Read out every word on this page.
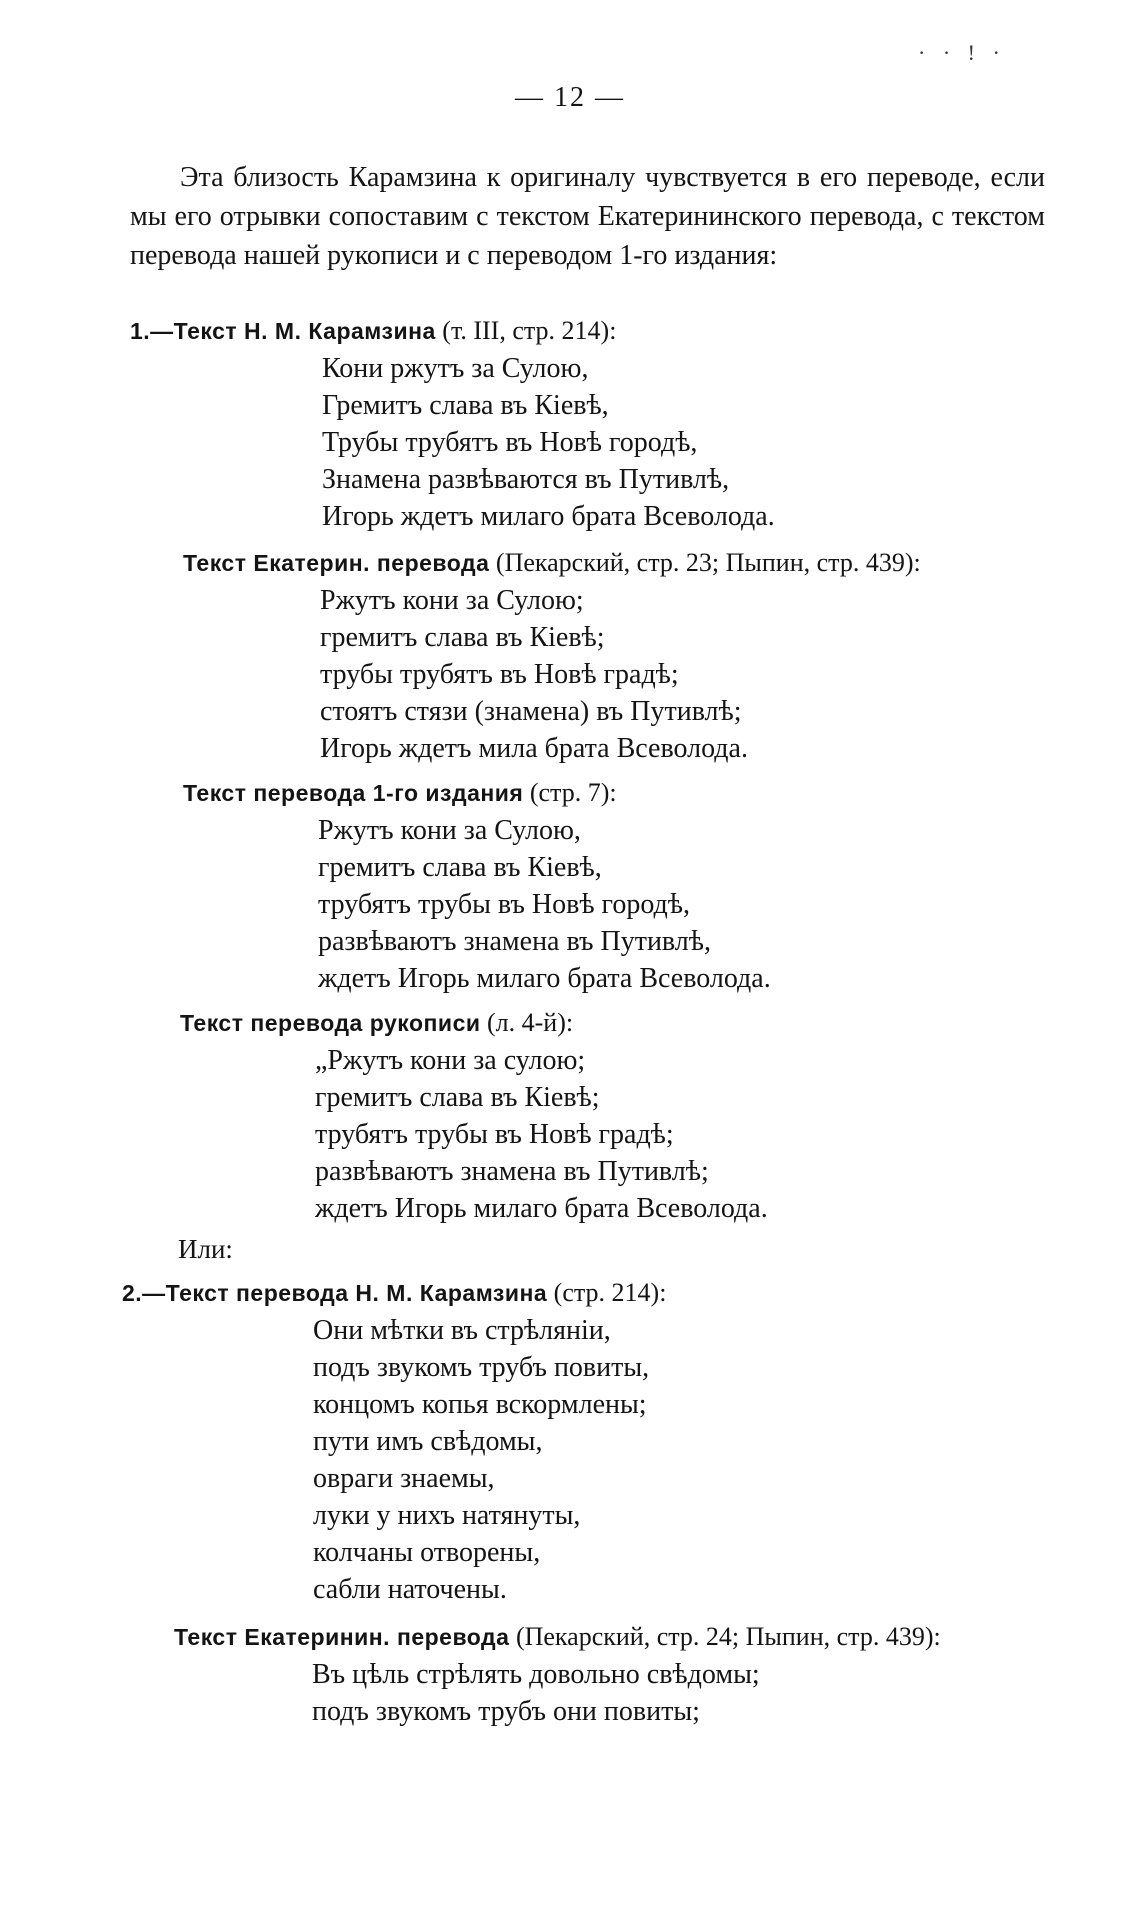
— 12 —
· · ! ·
Эта близость Карамзина к оригиналу чувствуется в его переводе, если мы его отрывки сопоставим с текстом Екатерининского перевода, с текстом перевода нашей рукописи и с переводом 1-го издания:
1.—Текст Н. М. Карамзина (т. III, стр. 214):
Кони ржутъ за Сулою,
Гремитъ слава въ Кіевѣ,
Трубы трубятъ въ Новѣ городѣ,
Знамена развѣваются въ Путивлѣ,
Игорь ждетъ милаго брата Всеволода.
Текст Екатерин. перевода (Пекарский, стр. 23; Пыпин, стр. 439):
Ржутъ кони за Сулою;
гремитъ слава въ Кіевѣ;
трубы трубятъ въ Новѣ градѣ;
стоятъ стязи (знамена) въ Путивлѣ;
Игорь ждетъ мила брата Всеволода.
Текст перевода 1-го издания (стр. 7):
Ржутъ кони за Сулою,
гремитъ слава въ Кіевѣ,
трубятъ трубы въ Новѣ городѣ,
развѣваютъ знамена въ Путивлѣ,
ждетъ Игорь милаго брата Всеволода.
Текст перевода рукописи (л. 4-й):
„Ржутъ кони за сулою;
гремитъ слава въ Кіевѣ;
трубятъ трубы въ Новѣ градѣ;
развѣваютъ знамена въ Путивлѣ;
ждетъ Игорь милаго брата Всеволода.
Или:
2.—Текст перевода Н. М. Карамзина (стр. 214):
Они мѣтки въ стрѣляніи,
подъ звукомъ трубъ повиты,
концомъ копья вскормлены;
пути имъ свѣдомы,
овраги знаемы,
луки у нихъ натянуты,
колчаны отворены,
сабли наточены.
Текст Екатеринин. перевода (Пекарский, стр. 24; Пыпин, стр. 439):
Въ цѣль стрѣлять довольно свѣдомы;
подъ звукомъ трубъ они повиты;
